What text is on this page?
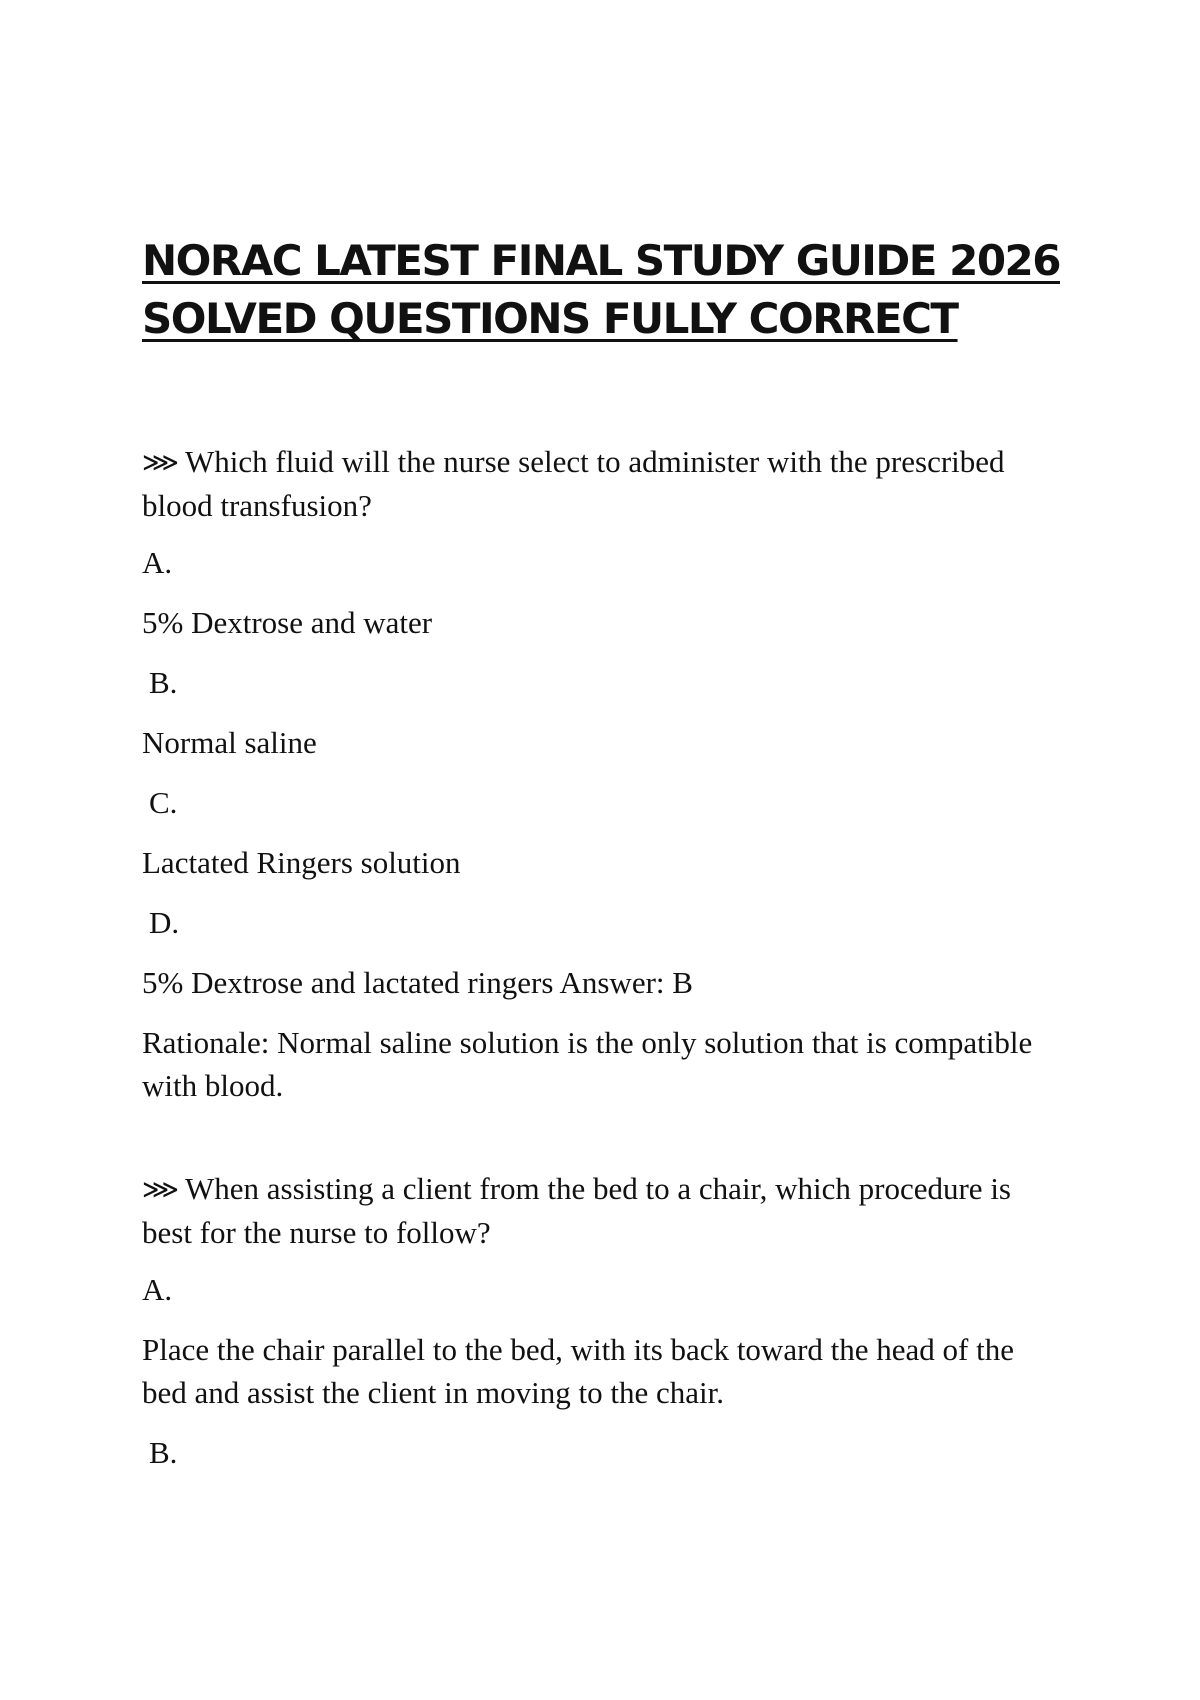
NORAC LATEST FINAL STUDY GUIDE 2026
SOLVED QUESTIONS FULLY CORRECT

⋙ Which fluid will the nurse select to administer with the prescribed blood transfusion?

A.

5% Dextrose and water

B.

Normal saline

C.

Lactated Ringers solution

D.

5% Dextrose and lactated ringers Answer: B

Rationale: Normal saline solution is the only solution that is compatible with blood.

⋙ When assisting a client from the bed to a chair, which procedure is best for the nurse to follow?

A.

Place the chair parallel to the bed, with its back toward the head of the bed and assist the client in moving to the chair.

B.
